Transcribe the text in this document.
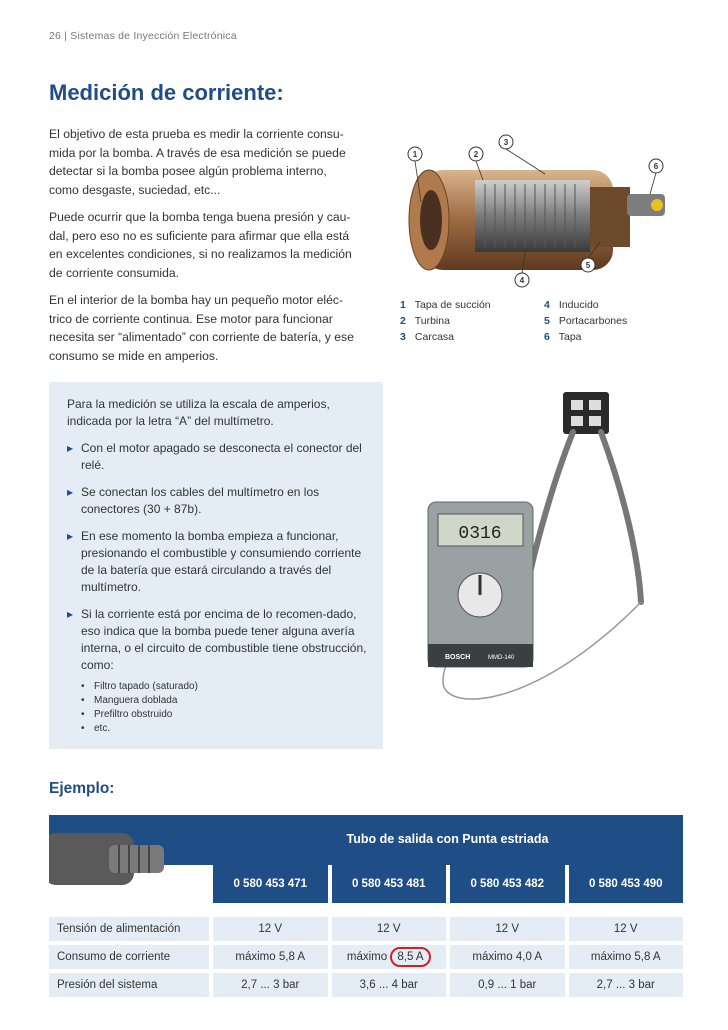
26 | Sistemas de Inyección Electrónica
Medición de corriente:

El objetivo de esta prueba es medir la corriente consu-mida por la bomba. A través de esa medición se puede detectar si la bomba posee algún problema interno, como desgaste, suciedad, etc...

Puede ocurrir que la bomba tenga buena presión y cau-dal, pero eso no es suficiente para afirmar que ella está en excelentes condiciones, si no realizamos la medición de corriente consumida.

En el interior de la bomba hay un pequeño motor eléc-trico de corriente continua. Ese motor para funcionar necesita ser “alimentado” con corriente de batería, y ese consumo se mide en amperios.

1	2
3
4
5
6
1 Tapa de succión
2 Turbina
3 Carcasa
4 Inducido
5 Portacarbones
6 Tapa

Para la medición se utiliza la escala de amperios, indicada por la letra “A” del multímetro.

▸ Con el motor apagado se desconecta el conector del relé.
▸ Se conectan los cables del multímetro en los conectores (30 + 87b).
▸ En ese momento la bomba empieza a funcionar, presionando el combustible y consumiendo corriente de la batería que estará circulando a través del multímetro.
▸ Si la corriente está por encima de lo recomen-dado, eso indica que la bomba puede tener alguna avería interna, o el circuito de combustible tiene obstrucción, como:
• Filtro tapado (saturado)
• Manguera doblada
• Prefiltro obstruido
• etc.
0316
BOSCH	MMD-140
Ejemplo:
Tubo de salida con Punta estriada
0 580 453 471	0 580 453 481	0 580 453 482	0 580 453 490
Tensión de alimentación	12 V	12 V	12 V	12 V
Consumo de corriente	máximo 5,8 A	máximo 8,5 A	máximo 4,0 A	máximo 5,8 A
Presión del sistema	2,7 ... 3 bar	3,6 ... 4 bar	0,9 ... 1 bar	2,7 ... 3 bar
